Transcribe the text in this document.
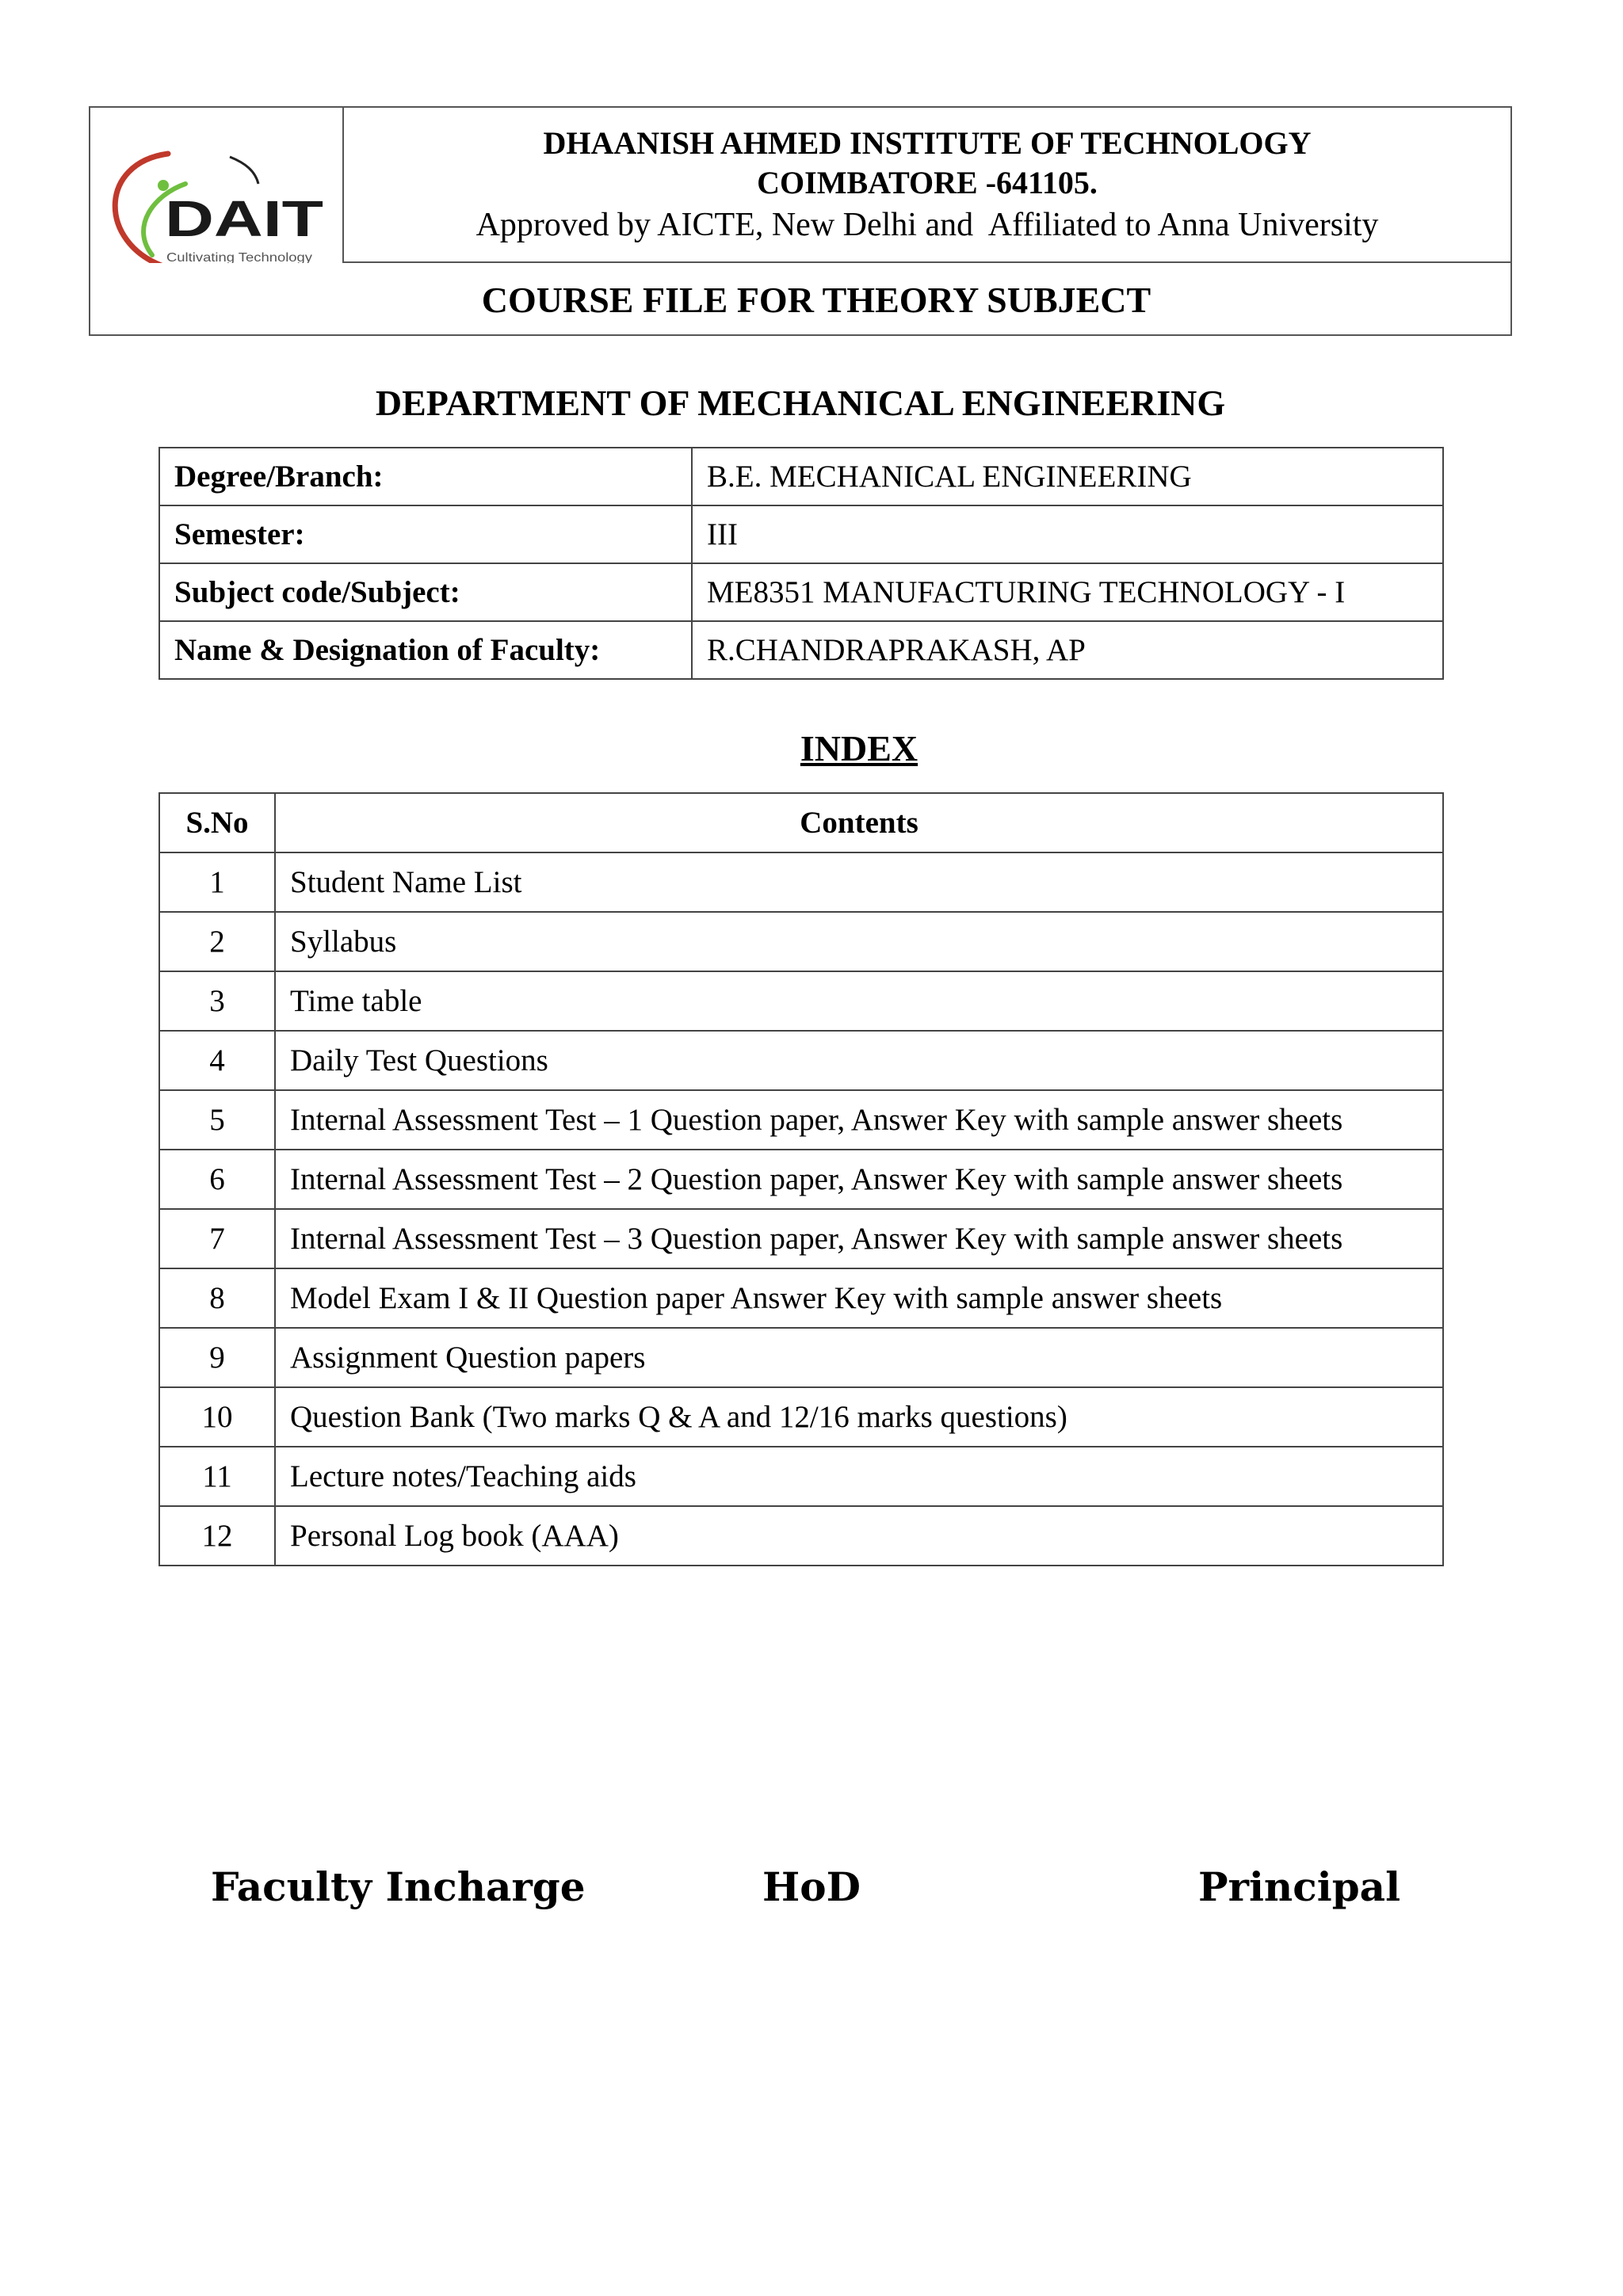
DAIT
Cultivating Technology
DHAANISH AHMED INSTITUTE OF TECHNOLOGY
COIMBATORE -641105.
Approved by AICTE, New Delhi and  Affiliated to Anna University
COURSE FILE FOR THEORY SUBJECT
DEPARTMENT OF MECHANICAL ENGINEERING
Degree/Branch:	B.E. MECHANICAL ENGINEERING
Semester:	III
Subject code/Subject:	ME8351 MANUFACTURING TECHNOLOGY - I
Name & Designation of Faculty:	R.CHANDRAPRAKASH, AP
INDEX
S.No	Contents
1	Student Name List
2	Syllabus
3	Time table
4	Daily Test Questions
5	Internal Assessment Test – 1 Question paper, Answer Key with sample answer sheets
6	Internal Assessment Test – 2 Question paper, Answer Key with sample answer sheets
7	Internal Assessment Test – 3 Question paper, Answer Key with sample answer sheets
8	Model Exam I & II Question paper Answer Key with sample answer sheets
9	Assignment Question papers
10	Question Bank (Two marks Q & A and 12/16 marks questions)
11	Lecture notes/Teaching aids
12	Personal Log book (AAA)
Faculty Incharge	HoD	Principal
